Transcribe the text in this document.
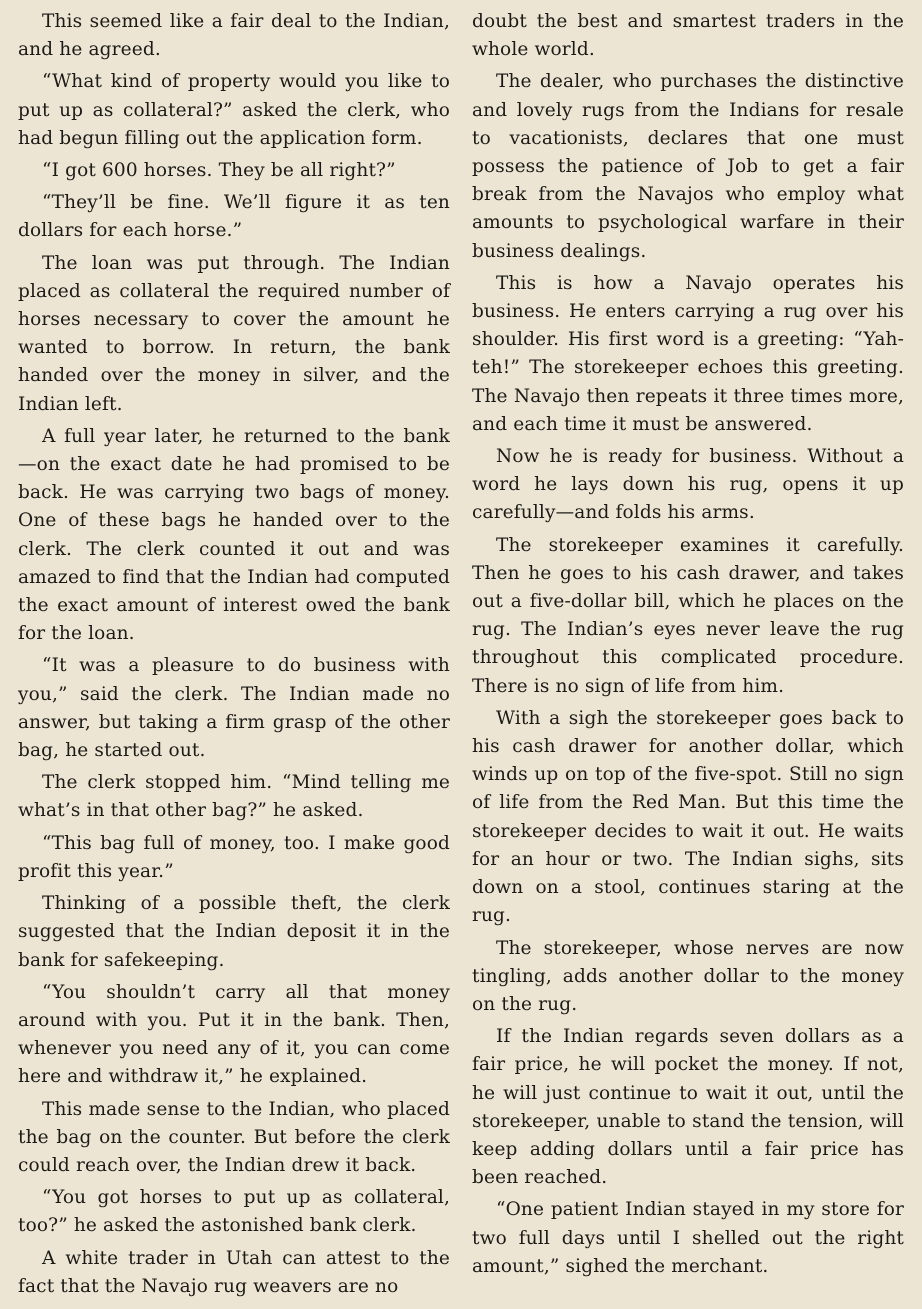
This seemed like a fair deal to the Indian, and he agreed.

“What kind of property would you like to put up as collateral?” asked the clerk, who had begun filling out the application form.

“I got 600 horses. They be all right?”

“They’ll be fine. We’ll figure it as ten dollars for each horse.”

The loan was put through. The Indian placed as collateral the required number of horses necessary to cover the amount he wanted to borrow. In return, the bank handed over the money in silver, and the Indian left.

A full year later, he returned to the bank —on the exact date he had promised to be back. He was carrying two bags of money. One of these bags he handed over to the clerk. The clerk counted it out and was amazed to find that the Indian had computed the exact amount of interest owed the bank for the loan.

“It was a pleasure to do business with you,” said the clerk. The Indian made no answer, but taking a firm grasp of the other bag, he started out.

The clerk stopped him. “Mind telling me what’s in that other bag?” he asked.

“This bag full of money, too. I make good profit this year.”

Thinking of a possible theft, the clerk suggested that the Indian deposit it in the bank for safekeeping.

“You shouldn’t carry all that money around with you. Put it in the bank. Then, whenever you need any of it, you can come here and withdraw it,” he explained.

This made sense to the Indian, who placed the bag on the counter. But before the clerk could reach over, the Indian drew it back.

“You got horses to put up as collateral, too?” he asked the astonished bank clerk.

A white trader in Utah can attest to the fact that the Navajo rug weavers are no

doubt the best and smartest traders in the whole world.

The dealer, who purchases the distinctive and lovely rugs from the Indians for resale to vacationists, declares that one must possess the patience of Job to get a fair break from the Navajos who employ what amounts to psychological warfare in their business dealings.

This is how a Navajo operates his business. He enters carrying a rug over his shoulder. His first word is a greeting: “Yah-teh!” The storekeeper echoes this greeting. The Navajo then repeats it three times more, and each time it must be answered.

Now he is ready for business. Without a word he lays down his rug, opens it up carefully—and folds his arms.

The storekeeper examines it carefully. Then he goes to his cash drawer, and takes out a five-dollar bill, which he places on the rug. The Indian’s eyes never leave the rug throughout this complicated procedure. There is no sign of life from him.

With a sigh the storekeeper goes back to his cash drawer for another dollar, which winds up on top of the five-spot. Still no sign of life from the Red Man. But this time the storekeeper decides to wait it out. He waits for an hour or two. The Indian sighs, sits down on a stool, continues staring at the rug.

The storekeeper, whose nerves are now tingling, adds another dollar to the money on the rug.

If the Indian regards seven dollars as a fair price, he will pocket the money. If not, he will just continue to wait it out, until the storekeeper, unable to stand the tension, will keep adding dollars until a fair price has been reached.

“One patient Indian stayed in my store for two full days until I shelled out the right amount,” sighed the merchant.
